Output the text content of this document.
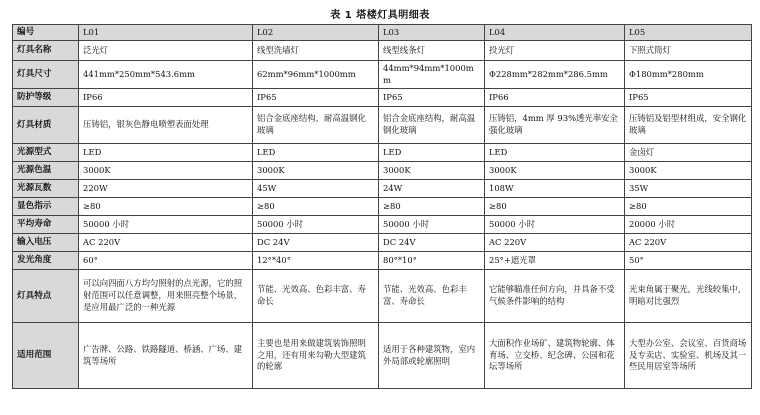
表 1 塔楼灯具明细表
编号	L01	L02	L03	L04	L05
灯具名称	泛光灯	线型洗墙灯	线型线条灯	投光灯	下照式筒灯
灯具尺寸	441mm*250mm*543.6mm	62mm*96mm*1000mm	44mm*94mm*1000mm	Φ228mm*282mm*286.5mm	Φ180mm*280mm
防护等级	IP66	IP65	IP65	IP66	IP65
灯具材质	压铸铝，银灰色静电喷塑表面处理	铝合金底座结构，耐高温钢化玻璃	铝合金底座结构，耐高温钢化玻璃	压铸铝，4mm 厚 93%透光率安全强化玻璃	压铸铝及铝型材组成，安全钢化玻璃
光源型式	LED	LED	LED	LED	金卤灯
光源色温	3000K	3000K	3000K	3000K	3000K
光源瓦数	220W	45W	24W	108W	35W
显色指示	≥80	≥80	≥80	≥80	≥80
平均寿命	50000 小时	50000 小时	50000 小时	50000 小时	20000 小时
输入电压	AC 220V	DC 24V	DC 24V	AC 220V	AC 220V
发光角度	60°	12°*40°	80°*10°	25°+遮光罩	50°
灯具特点	可以向四面八方均匀照射的点光源，它的照射范围可以任意调整，用来照亮整个场景，是应用最广泛的一种光源	节能、光效高、色彩丰富、寿命长	节能、光效高、色彩丰富、寿命长	它能够瞄准任何方向，并具备不受气候条件影响的结构	光束角属于聚光，光线较集中，明暗对比强烈
适用范围	广告牌、公路、铁路隧道、桥涵、广场、建筑等场所	主要也是用来做建筑装饰照明之用，还有用来勾勒大型建筑的轮廓	适用于各种建筑物，室内外局部或轮廓照明	大面积作业场矿、建筑物轮廓、体育场、立交桥、纪念碑、公园和花坛等场所	大型办公室、会议室、百货商场及专卖店、实验室、机场及其一些民用居室等场所
